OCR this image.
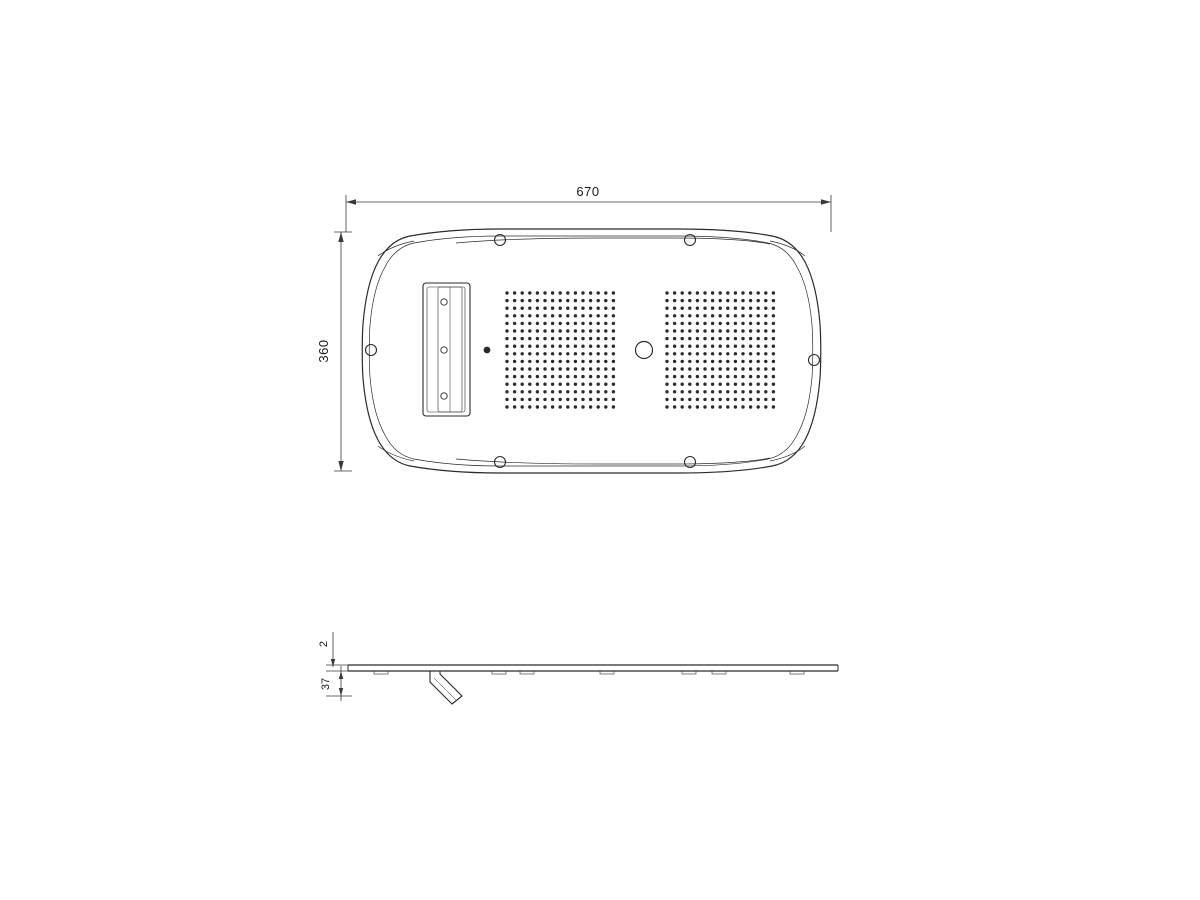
670
360
2
37
